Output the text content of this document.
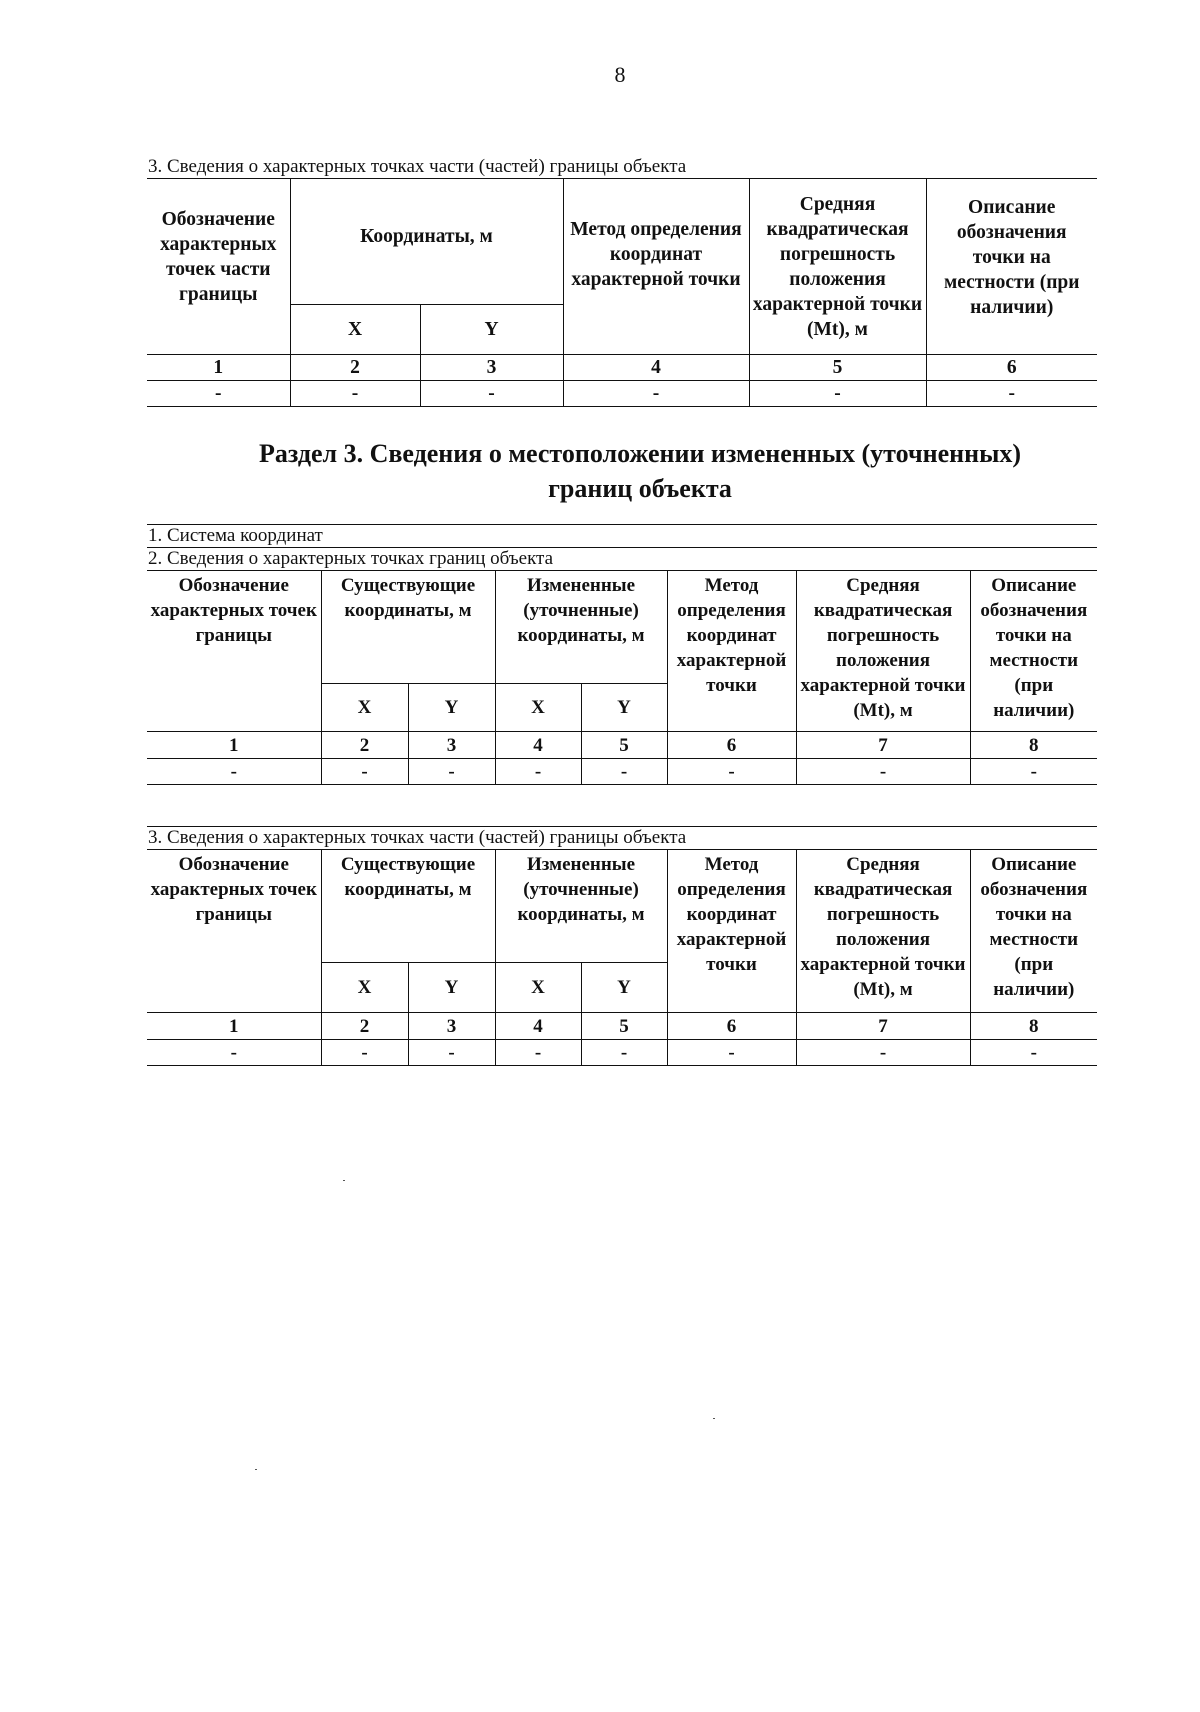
8
3. Сведения о характерных точках части (частей) границы объекта
Обозначение характерных точек части границы	Координаты, м		Метод определения координат характерной точки	Средняя квадратическая погрешность положения характерной точки (Mt), м	Описание обозначения точки на местности (при наличии)
	X	Y			
1	2	3	4	5	6
-	-	-	-	-	-
Раздел 3. Сведения о местоположении измененных (уточненных)
границ объекта
1. Система координат
2. Сведения о характерных точках границ объекта
Обозначение характерных точек границы	Существующие координаты, м		Измененные (уточненные) координаты, м		Метод определения координат характерной точки	Средняя квадратическая погрешность положения характерной точки (Mt), м	Описание обозначения точки на местности (при наличии)
	X	Y	X	Y			
1	2	3	4	5	6	7	8
-	-	-	-	-	-	-	-
3. Сведения о характерных точках части (частей) границы объекта
Обозначение характерных точек границы	Существующие координаты, м		Измененные (уточненные) координаты, м		Метод определения координат характерной точки	Средняя квадратическая погрешность положения характерной точки (Mt), м	Описание обозначения точки на местности (при наличии)
	X	Y	X	Y			
1	2	3	4	5	6	7	8
-	-	-	-	-	-	-	-
